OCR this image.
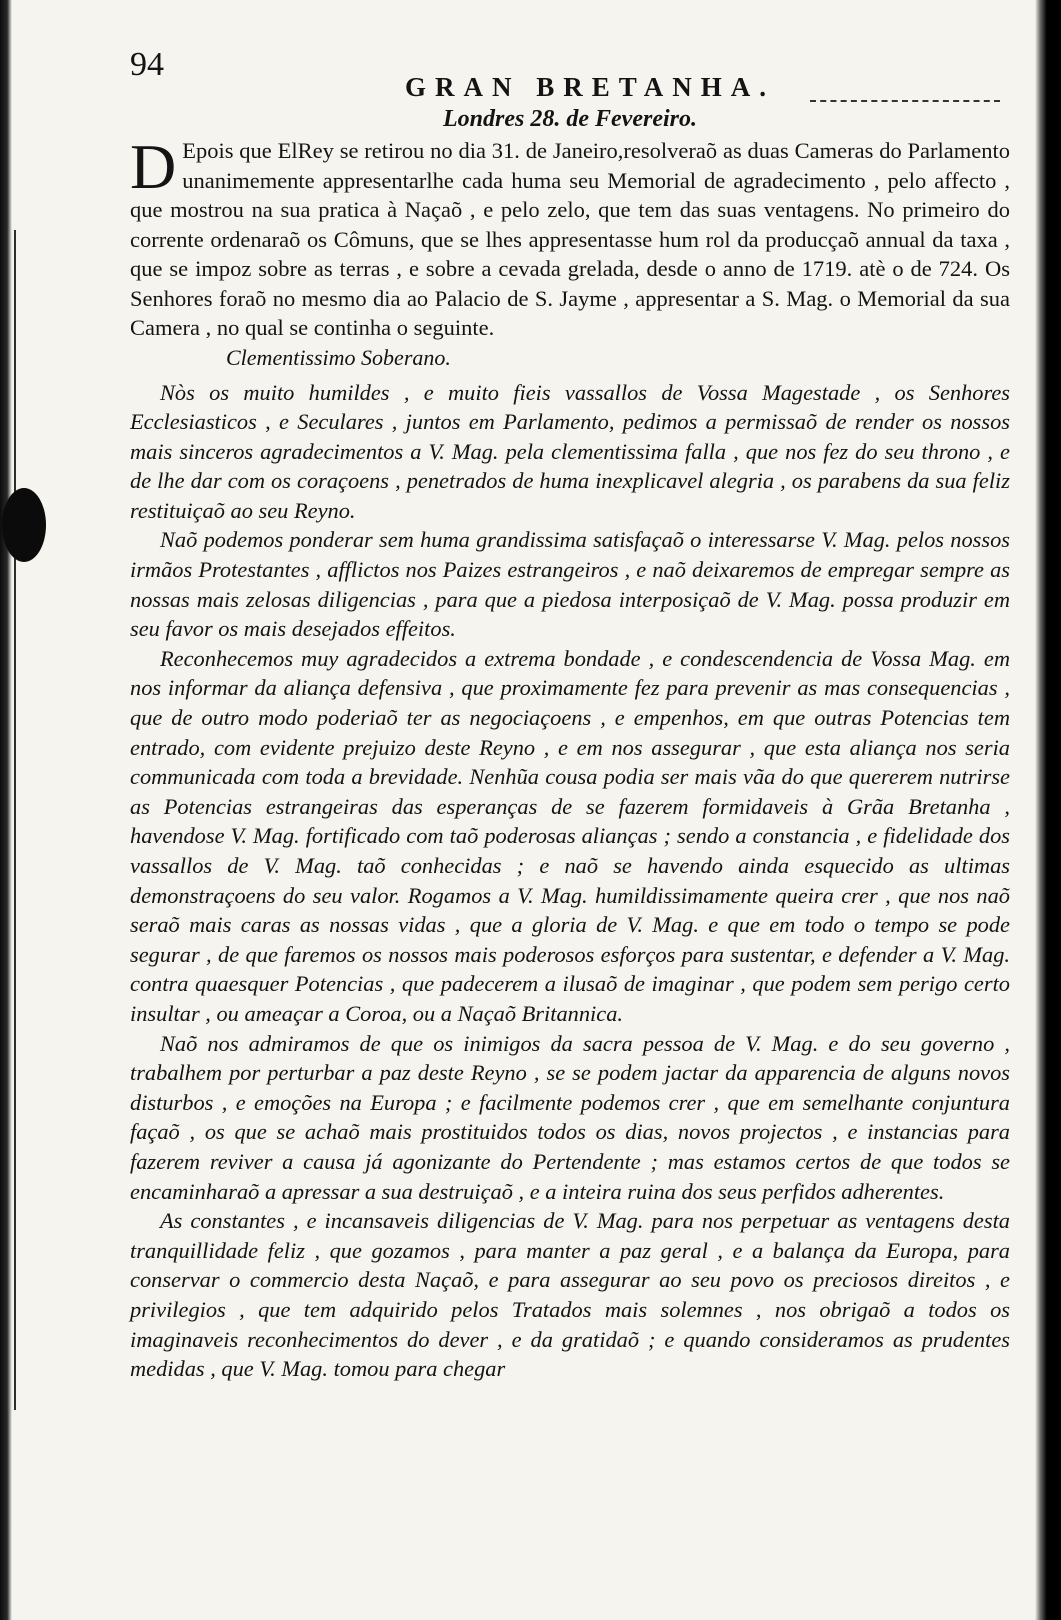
94

GRAN BRETANHA.
Londres 28. de Fevereiro.

D Epois que ElRey se retirou no dia 31. de Janeiro,resolveraõ as duas Cameras do Parlamento unanimemente appresentarlhe cada huma seu Memorial de agradecimento , pelo affecto , que mostrou na sua pratica à Naçaõ , e pelo zelo, que tem das suas ventagens. No primeiro do corrente ordenaraõ os Cômuns, que se lhes appresentasse hum rol da producçaõ annual da taxa , que se impoz sobre as terras , e sobre a cevada grelada, desde o anno de 1719. atè o de 724. Os Senhores foraõ no mesmo dia ao Palacio de S. Jayme , appresentar a S. Mag. o Memorial da sua Camera , no qual se continha o seguinte.

Clementissimo Soberano.

Nòs os muito humildes , e muito fieis vassallos de Vossa Magestade , os Senhores Ecclesiasticos , e Seculares , juntos em Parlamento, pedimos a permissaõ de render os nossos mais sinceros agradecimentos a V. Mag. pela clementissima falla , que nos fez do seu throno , e de lhe dar com os coraçoens , penetrados de huma inexplicavel alegria , os parabens da sua feliz restituiçaõ ao seu Reyno.

Naõ podemos ponderar sem huma grandissima satisfaçaõ o interessarse V. Mag. pelos nossos irmãos Protestantes , afflictos nos Paizes estrangeiros , e naõ deixaremos de empregar sempre as nossas mais zelosas diligencias , para que a piedosa interposiçaõ de V. Mag. possa produzir em seu favor os mais desejados effeitos.

Reconhecemos muy agradecidos a extrema bondade , e condescendencia de Vossa Mag. em nos informar da aliança defensiva , que proximamente fez para prevenir as mas consequencias , que de outro modo poderiaõ ter as negociaçoens , e empenhos, em que outras Potencias tem entrado, com evidente prejuizo deste Reyno , e em nos assegurar , que esta aliança nos seria communicada com toda a brevidade. Nenhũa cousa podia ser mais vãa do que quererem nutrirse as Potencias estrangeiras das esperanças de se fazerem formidaveis à Grãa Bretanha , havendose V. Mag. fortificado com taõ poderosas alianças ; sendo a constancia , e fidelidade dos vassallos de V. Mag. taõ conhecidas ; e naõ se havendo ainda esquecido as ultimas demonstraçoens do seu valor. Rogamos a V. Mag. humildissimamente queira crer , que nos naõ seraõ mais caras as nossas vidas , que a gloria de V. Mag. e que em todo o tempo se pode segurar , de que faremos os nossos mais poderosos esforços para sustentar, e defender a V. Mag. contra quaesquer Potencias , que padecerem a ilusaõ de imaginar , que podem sem perigo certo insultar , ou ameaçar a Coroa, ou a Naçaõ Britannica.

Naõ nos admiramos de que os inimigos da sacra pessoa de V. Mag. e do seu governo , trabalhem por perturbar a paz deste Reyno , se se podem jactar da apparencia de alguns novos disturbos , e emoções na Europa ; e facilmente podemos crer , que em semelhante conjuntura façaõ , os que se achaõ mais prostituidos todos os dias, novos projectos , e instancias para fazerem reviver a causa já agonizante do Pertendente ; mas estamos certos de que todos se encaminharaõ a apressar a sua destruiçaõ , e a inteira ruina dos seus perfidos adherentes.

As constantes , e incansaveis diligencias de V. Mag. para nos perpetuar as ventagens desta tranquillidade feliz , que gozamos , para manter a paz geral , e a balança da Europa, para conservar o commercio desta Naçaõ, e para assegurar ao seu povo os preciosos direitos , e privilegios , que tem adquirido pelos Tratados mais solemnes , nos obrigaõ a todos os imaginaveis reconhecimentos do dever , e da gratidaõ ; e quando consideramos as prudentes medidas , que V. Mag. tomou para chegar
